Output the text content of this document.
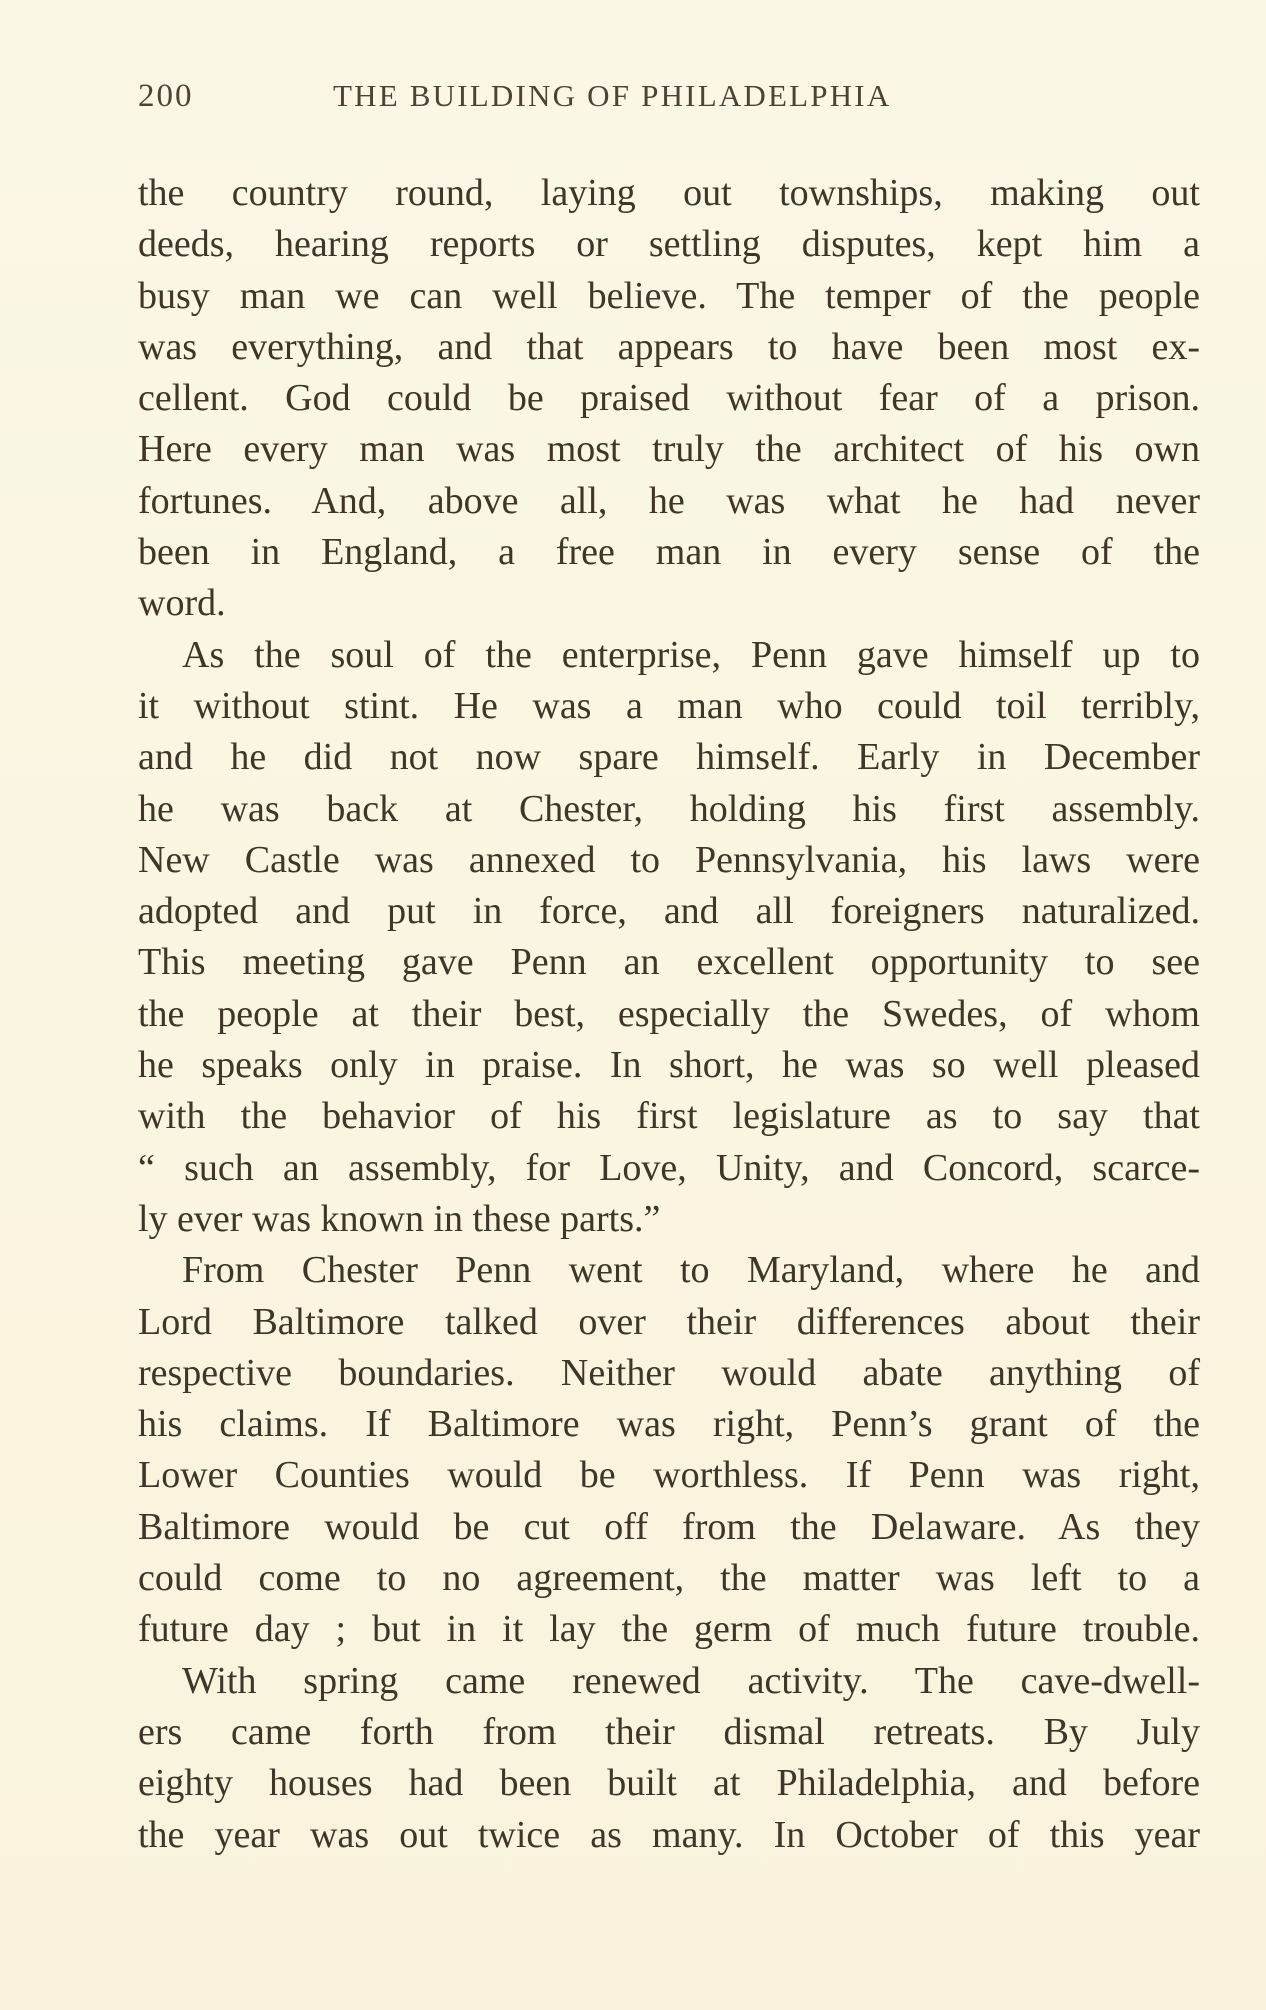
200	THE BUILDING OF PHILADELPHIA
the country round, laying out townships, making out
deeds, hearing reports or settling disputes, kept him a
busy man we can well believe. The temper of the people
was everything, and that appears to have been most ex-
cellent. God could be praised without fear of a prison.
Here every man was most truly the architect of his own
fortunes. And, above all, he was what he had never
been in England, a free man in every sense of the
word.
As the soul of the enterprise, Penn gave himself up to
it without stint. He was a man who could toil terribly,
and he did not now spare himself. Early in December
he was back at Chester, holding his first assembly.
New Castle was annexed to Pennsylvania, his laws were
adopted and put in force, and all foreigners naturalized.
This meeting gave Penn an excellent opportunity to see
the people at their best, especially the Swedes, of whom
he speaks only in praise. In short, he was so well pleased
with the behavior of his first legislature as to say that
“ such an assembly, for Love, Unity, and Concord, scarce-
ly ever was known in these parts.”
From Chester Penn went to Maryland, where he and
Lord Baltimore talked over their differences about their
respective boundaries. Neither would abate anything of
his claims. If Baltimore was right, Penn’s grant of the
Lower Counties would be worthless. If Penn was right,
Baltimore would be cut off from the Delaware. As they
could come to no agreement, the matter was left to a
future day ; but in it lay the germ of much future trouble.
With spring came renewed activity. The cave-dwell-
ers came forth from their dismal retreats. By July
eighty houses had been built at Philadelphia, and before
the year was out twice as many. In October of this year
